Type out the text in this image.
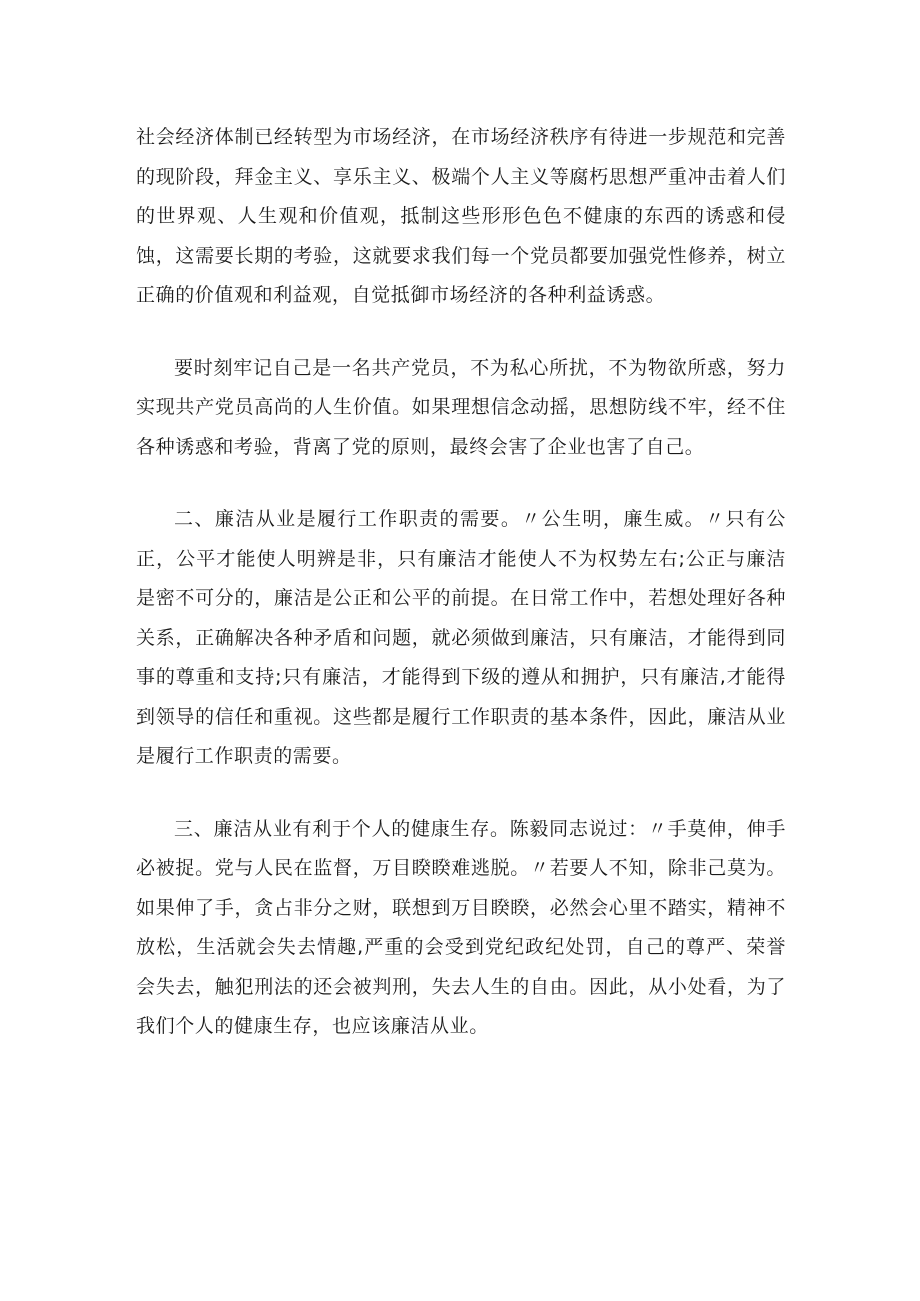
社会经济体制已经转型为市场经济，在市场经济秩序有待进一步规范和完善的现阶段，拜金主义、享乐主义、极端个人主义等腐朽思想严重冲击着人们的世界观、人生观和价值观，抵制这些形形色色不健康的东西的诱惑和侵蚀，这需要长期的考验，这就要求我们每一个党员都要加强党性修养，树立正确的价值观和利益观，自觉抵御市场经济的各种利益诱惑。

要时刻牢记自己是一名共产党员，不为私心所扰，不为物欲所惑，努力实现共产党员高尚的人生价值。如果理想信念动摇，思想防线不牢，经不住各种诱惑和考验，背离了党的原则，最终会害了企业也害了自己。

二、廉洁从业是履行工作职责的需要。〃公生明，廉生威。〃只有公正，公平才能使人明辨是非，只有廉洁才能使人不为权势左右;公正与廉洁是密不可分的，廉洁是公正和公平的前提。在日常工作中，若想处理好各种关系，正确解决各种矛盾和问题，就必须做到廉洁，只有廉洁，才能得到同事的尊重和支持;只有廉洁，才能得到下级的遵从和拥护，只有廉洁,才能得到领导的信任和重视。这些都是履行工作职责的基本条件，因此，廉洁从业是履行工作职责的需要。

三、廉洁从业有利于个人的健康生存。陈毅同志说过：〃手莫伸，伸手必被捉。党与人民在监督，万目睽睽难逃脱。〃若要人不知，除非己莫为。如果伸了手，贪占非分之财，联想到万目睽睽，必然会心里不踏实，精神不放松，生活就会失去情趣,严重的会受到党纪政纪处罚，自己的尊严、荣誉会失去，触犯刑法的还会被判刑，失去人生的自由。因此，从小处看，为了我们个人的健康生存，也应该廉洁从业。
